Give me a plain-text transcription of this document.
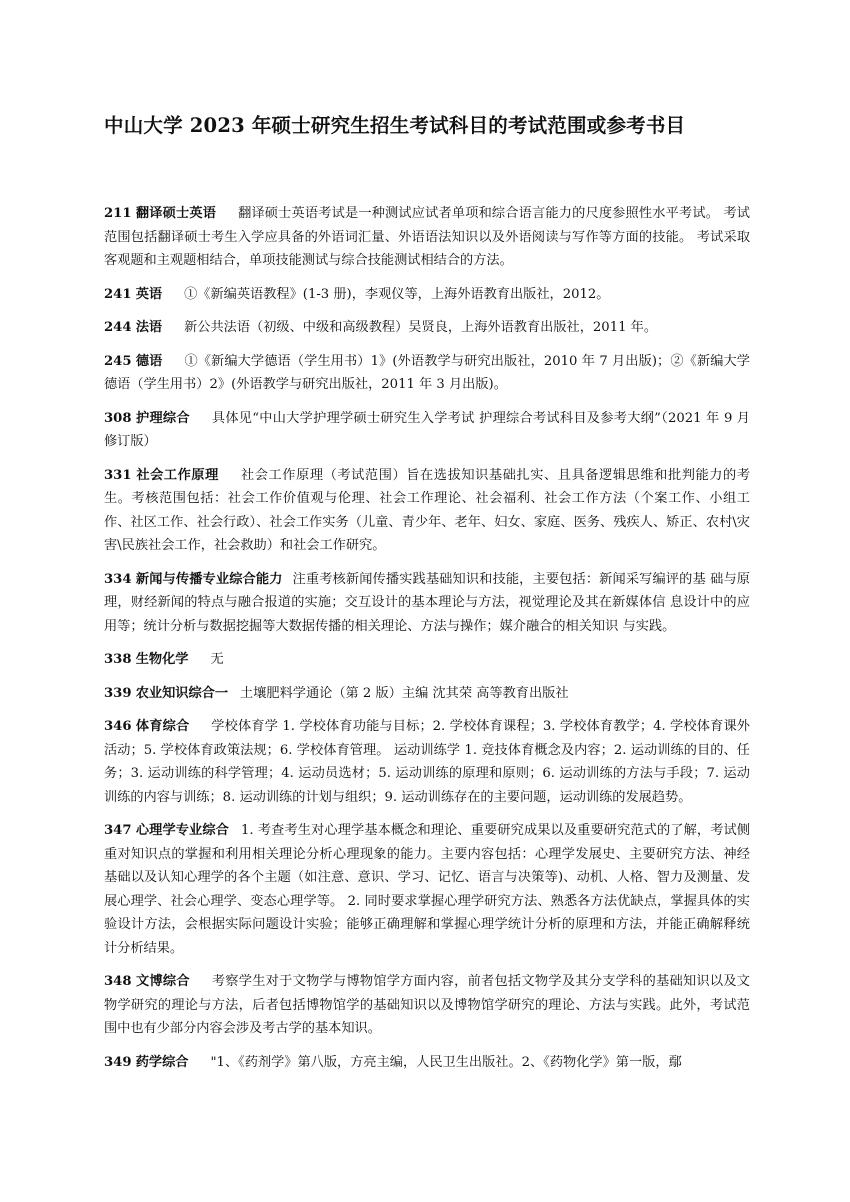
中山大学 2023 年硕士研究生招生考试科目的考试范围或参考书目

211 翻译硕士英语 翻译硕士英语考试是一种测试应试者单项和综合语言能力的尺度参照性水平考试。 考试范围包括翻译硕士考生入学应具备的外语词汇量、外语语法知识以及外语阅读与写作等方面的技能。 考试采取客观题和主观题相结合，单项技能测试与综合技能测试相结合的方法。

241 英语 ①《新编英语教程》(1-3 册)，李观仪等，上海外语教育出版社，2012。

244 法语 新公共法语（初级、中级和高级教程）吴贤良，上海外语教育出版社，2011 年。

245 德语 ①《新编大学德语（学生用书）1》(外语教学与研究出版社，2010 年 7 月出版)；②《新编大学德语（学生用书）2》(外语教学与研究出版社，2011 年 3 月出版)。

308 护理综合 具体见“中山大学护理学硕士研究生入学考试 护理综合考试科目及参考大纲”（2021 年 9 月修订版）

331 社会工作原理 社会工作原理（考试范围）旨在选拔知识基础扎实、且具备逻辑思维和批判能力的考生。考核范围包括：社会工作价值观与伦理、社会工作理论、社会福利、社会工作方法（个案工作、小组工作、社区工作、社会行政）、社会工作实务（儿童、青少年、老年、妇女、家庭、医务、残疾人、矫正、农村\灾害\民族社会工作，社会救助）和社会工作研究。

334 新闻与传播专业综合能力 注重考核新闻传播实践基础知识和技能，主要包括：新闻采写编评的基 础与原理，财经新闻的特点与融合报道的实施；交互设计的基本理论与方法，视觉理论及其在新媒体信 息设计中的应用等；统计分析与数据挖掘等大数据传播的相关理论、方法与操作；媒介融合的相关知识 与实践。

338 生物化学 无

339 农业知识综合一 土壤肥料学通论（第 2 版）主编 沈其荣 高等教育出版社

346 体育综合 学校体育学 1. 学校体育功能与目标；2. 学校体育课程；3. 学校体育教学；4. 学校体育课外活动；5. 学校体育政策法规；6. 学校体育管理。 运动训练学 1. 竞技体育概念及内容；2. 运动训练的目的、任务；3. 运动训练的科学管理；4. 运动员选材；5. 运动训练的原理和原则；6. 运动训练的方法与手段；7. 运动训练的内容与训练；8. 运动训练的计划与组织；9. 运动训练存在的主要问题，运动训练的发展趋势。

347 心理学专业综合 1. 考查考生对心理学基本概念和理论、重要研究成果以及重要研究范式的了解，考试侧重对知识点的掌握和利用相关理论分析心理现象的能力。主要内容包括：心理学发展史、主要研究方法、神经基础以及认知心理学的各个主题（如注意、意识、学习、记忆、语言与决策等)、动机、人格、智力及测量、发展心理学、社会心理学、变态心理学等。 2. 同时要求掌握心理学研究方法、熟悉各方法优缺点，掌握具体的实验设计方法，会根据实际问题设计实验；能够正确理解和掌握心理学统计分析的原理和方法，并能正确解释统计分析结果。

348 文博综合 考察学生对于文物学与博物馆学方面内容，前者包括文物学及其分支学科的基础知识以及文物学研究的理论与方法，后者包括博物馆学的基础知识以及博物馆学研究的理论、方法与实践。此外，考试范围中也有少部分内容会涉及考古学的基本知识。

349 药学综合 "1、《药剂学》第八版，方亮主编，人民卫生出版社。2、《药物化学》第一版，鄢
